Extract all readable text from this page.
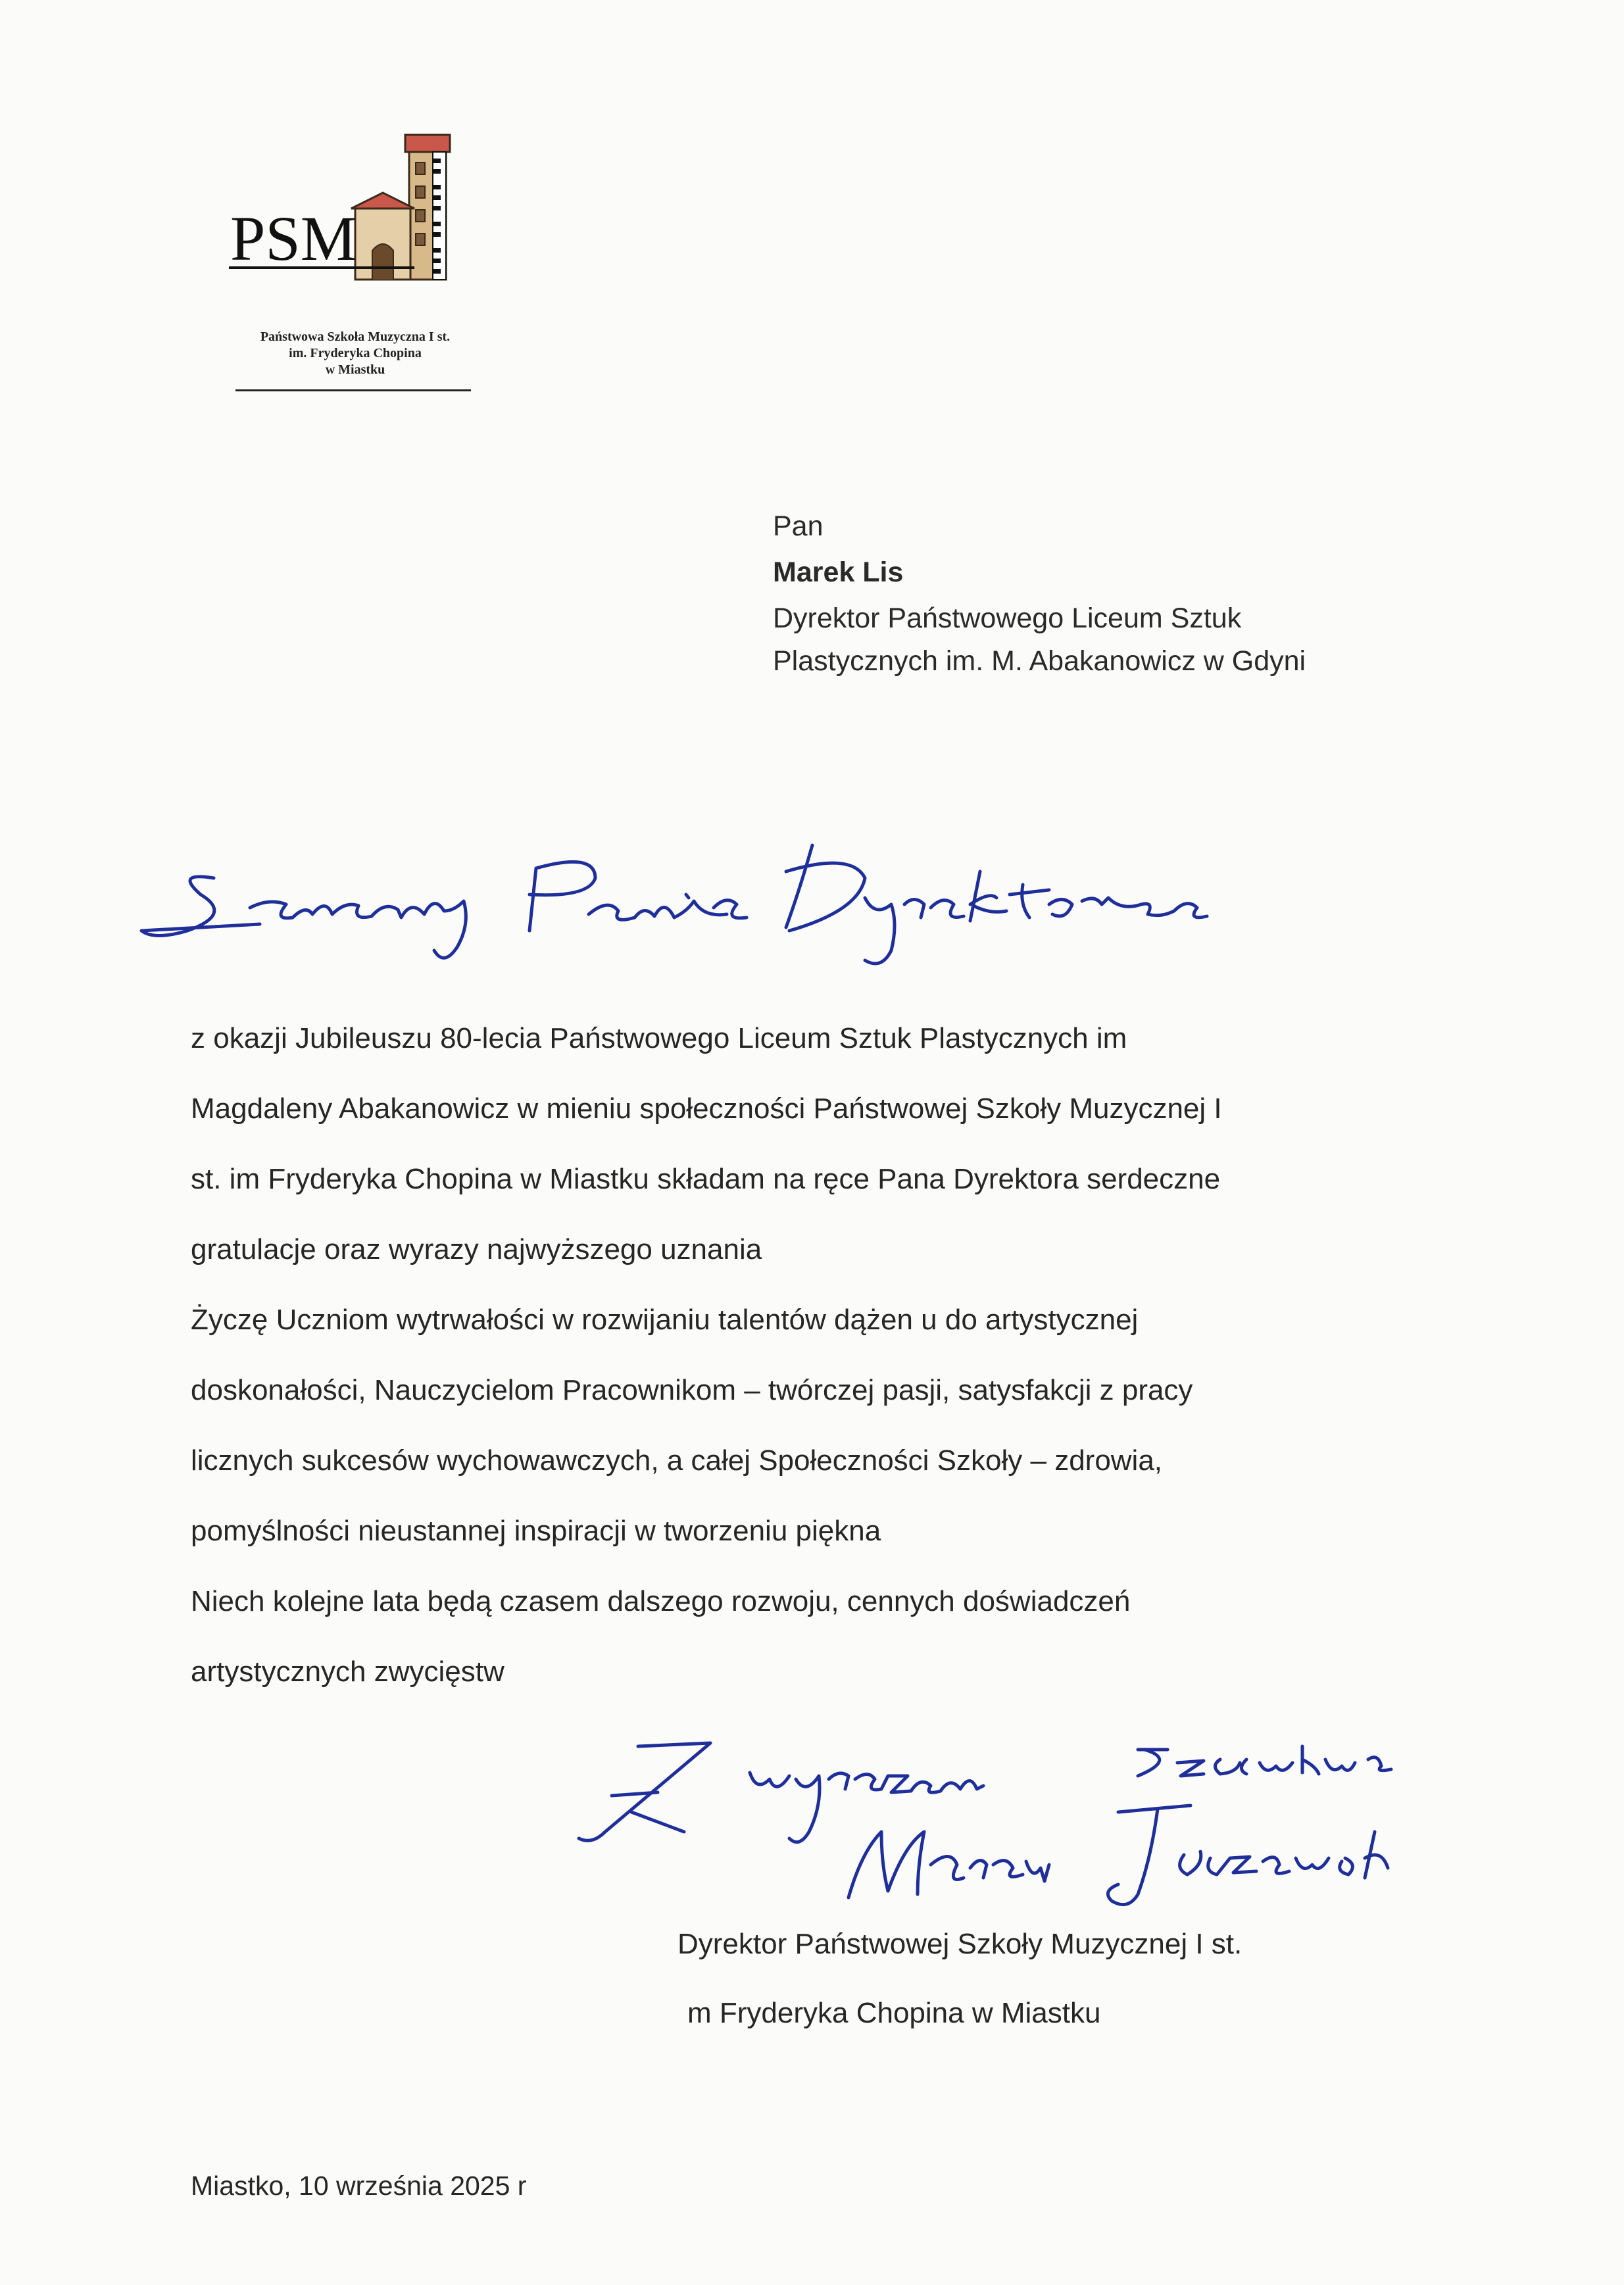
PSM
Państwowa Szkoła Muzyczna I st.
im. Fryderyka Chopina
w Miastku
Pan
Marek Lis
Dyrektor Państwowego Liceum Sztuk
Plastycznych im. M. Abakanowicz w Gdyni
z okazji Jubileuszu 80-lecia Państwowego Liceum Sztuk Plastycznych im
Magdaleny Abakanowicz w mieniu społeczności Państwowej Szkoły Muzycznej I
st. im Fryderyka Chopina w Miastku składam na ręce Pana Dyrektora serdeczne
gratulacje oraz wyrazy najwyższego uznania
Życzę Uczniom wytrwałości w rozwijaniu talentów dążen u do artystycznej
doskonałości, Nauczycielom Pracownikom – twórczej pasji, satysfakcji z pracy
licznych sukcesów wychowawczych, a całej Społeczności Szkoły – zdrowia,
pomyślności nieustannej inspiracji w tworzeniu piękna
Niech kolejne lata będą czasem dalszego rozwoju, cennych doświadczeń
artystycznych zwycięstw
Dyrektor Państwowej Szkoły Muzycznej I st.
m Fryderyka Chopina w Miastku
Miastko, 10 września 2025 r
